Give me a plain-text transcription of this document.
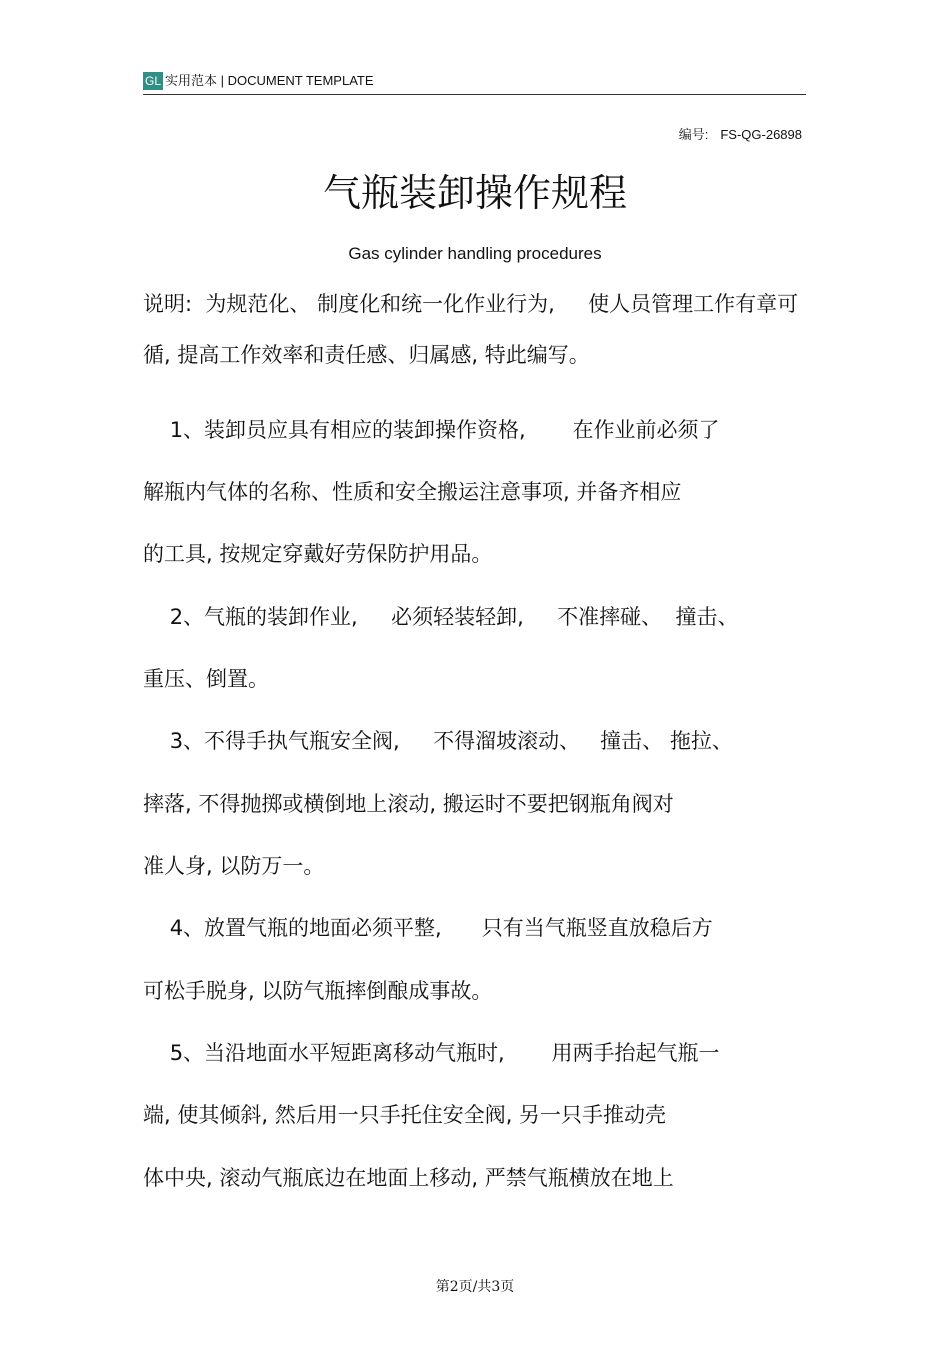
GL 实用范本 | DOCUMENT TEMPLATE
编号: FS-QG-26898
气瓶装卸操作规程
Gas cylinder handling procedures
说明:  为规范化、 制度化和统一化作业行为,     使人员管理工作有章可
循, 提高工作效率和责任感、归属感, 特此编写。
1、装卸员应具有相应的装卸操作资格,       在作业前必须了
解瓶内气体的名称、性质和安全搬运注意事项, 并备齐相应
的工具, 按规定穿戴好劳保防护用品。
2、气瓶的装卸作业,     必须轻装轻卸,     不准摔碰、  撞击、
重压、倒置。
3、不得手执气瓶安全阀,     不得溜坡滚动、   撞击、 拖拉、
摔落, 不得抛掷或横倒地上滚动, 搬运时不要把钢瓶角阀对
准人身, 以防万一。
4、放置气瓶的地面必须平整,      只有当气瓶竖直放稳后方
可松手脱身, 以防气瓶摔倒酿成事故。
5、当沿地面水平短距离移动气瓶时,       用两手抬起气瓶一
端, 使其倾斜, 然后用一只手托住安全阀, 另一只手推动壳
体中央, 滚动气瓶底边在地面上移动, 严禁气瓶横放在地上
第2页/共3页
